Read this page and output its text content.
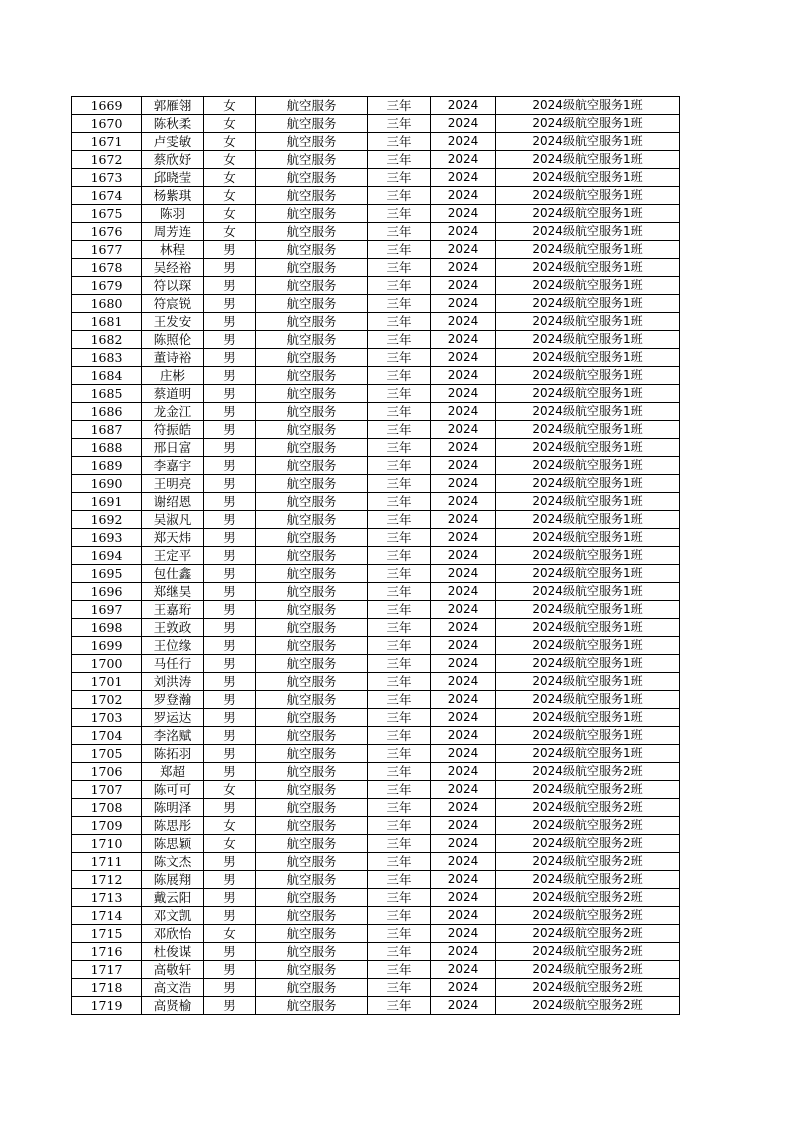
1669	郭雁翎	女	航空服务	三年	2024	2024级航空服务1班
1670	陈秋柔	女	航空服务	三年	2024	2024级航空服务1班
1671	卢雯敏	女	航空服务	三年	2024	2024级航空服务1班
1672	蔡欣妤	女	航空服务	三年	2024	2024级航空服务1班
1673	邱晓莹	女	航空服务	三年	2024	2024级航空服务1班
1674	杨紫琪	女	航空服务	三年	2024	2024级航空服务1班
1675	陈羽	女	航空服务	三年	2024	2024级航空服务1班
1676	周芳连	女	航空服务	三年	2024	2024级航空服务1班
1677	林程	男	航空服务	三年	2024	2024级航空服务1班
1678	吴经裕	男	航空服务	三年	2024	2024级航空服务1班
1679	符以琛	男	航空服务	三年	2024	2024级航空服务1班
1680	符宸锐	男	航空服务	三年	2024	2024级航空服务1班
1681	王发安	男	航空服务	三年	2024	2024级航空服务1班
1682	陈照伦	男	航空服务	三年	2024	2024级航空服务1班
1683	董诗裕	男	航空服务	三年	2024	2024级航空服务1班
1684	庄彬	男	航空服务	三年	2024	2024级航空服务1班
1685	蔡道明	男	航空服务	三年	2024	2024级航空服务1班
1686	龙金江	男	航空服务	三年	2024	2024级航空服务1班
1687	符振皓	男	航空服务	三年	2024	2024级航空服务1班
1688	邢日富	男	航空服务	三年	2024	2024级航空服务1班
1689	李嘉宇	男	航空服务	三年	2024	2024级航空服务1班
1690	王明亮	男	航空服务	三年	2024	2024级航空服务1班
1691	谢绍恩	男	航空服务	三年	2024	2024级航空服务1班
1692	吴淑凡	男	航空服务	三年	2024	2024级航空服务1班
1693	郑天炜	男	航空服务	三年	2024	2024级航空服务1班
1694	王定平	男	航空服务	三年	2024	2024级航空服务1班
1695	包仕鑫	男	航空服务	三年	2024	2024级航空服务1班
1696	郑继昊	男	航空服务	三年	2024	2024级航空服务1班
1697	王嘉珩	男	航空服务	三年	2024	2024级航空服务1班
1698	王敦政	男	航空服务	三年	2024	2024级航空服务1班
1699	王位缘	男	航空服务	三年	2024	2024级航空服务1班
1700	马任行	男	航空服务	三年	2024	2024级航空服务1班
1701	刘洪涛	男	航空服务	三年	2024	2024级航空服务1班
1702	罗登瀚	男	航空服务	三年	2024	2024级航空服务1班
1703	罗运达	男	航空服务	三年	2024	2024级航空服务1班
1704	李洺赋	男	航空服务	三年	2024	2024级航空服务1班
1705	陈拓羽	男	航空服务	三年	2024	2024级航空服务1班
1706	郑超	男	航空服务	三年	2024	2024级航空服务2班
1707	陈可可	女	航空服务	三年	2024	2024级航空服务2班
1708	陈明泽	男	航空服务	三年	2024	2024级航空服务2班
1709	陈思彤	女	航空服务	三年	2024	2024级航空服务2班
1710	陈思颖	女	航空服务	三年	2024	2024级航空服务2班
1711	陈文杰	男	航空服务	三年	2024	2024级航空服务2班
1712	陈展翔	男	航空服务	三年	2024	2024级航空服务2班
1713	戴云阳	男	航空服务	三年	2024	2024级航空服务2班
1714	邓文凯	男	航空服务	三年	2024	2024级航空服务2班
1715	邓欣怡	女	航空服务	三年	2024	2024级航空服务2班
1716	杜俊谋	男	航空服务	三年	2024	2024级航空服务2班
1717	高敬轩	男	航空服务	三年	2024	2024级航空服务2班
1718	高文浩	男	航空服务	三年	2024	2024级航空服务2班
1719	高贤榆	男	航空服务	三年	2024	2024级航空服务2班
